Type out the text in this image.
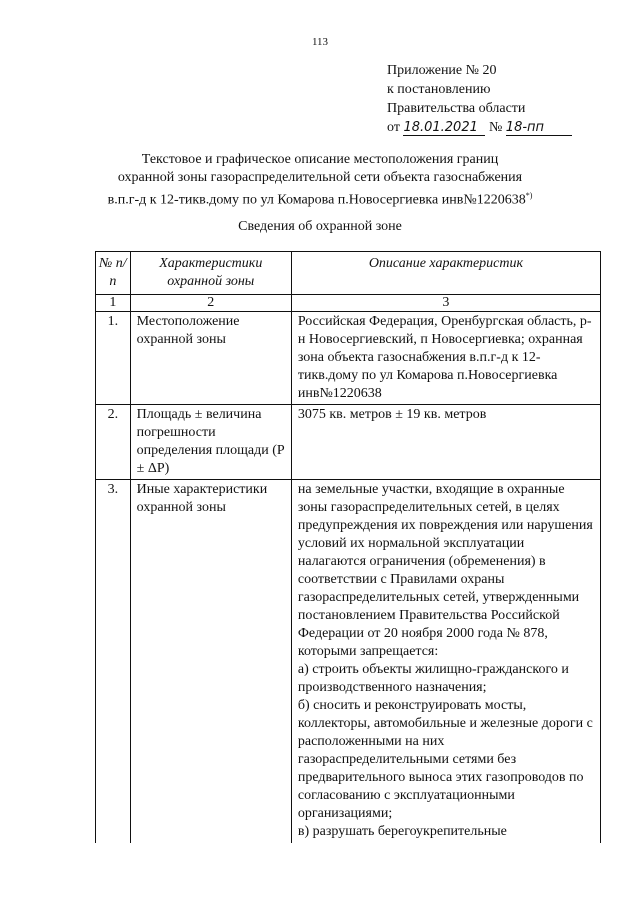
113
Приложение № 20
к постановлению
Правительства области
от 18.01.2021 № 18-пп
Текстовое и графическое описание местоположения границ
охранной зоны газораспределительной сети объекта газоснабжения
в.п.г-д к 12-тикв.дому по ул Комарова п.Новосергиевка инв№1220638*)
Сведения об охранной зоне
№ п/п	Характеристики охранной зоны	Описание характеристик
1	2	3
1.	Местоположение охранной зоны	Российская Федерация, Оренбургская область, р-н Новосергиевский, п Новосергиевка; охранная зона объекта газоснабжения в.п.г-д к 12-тикв.дому по ул Комарова п.Новосергиевка инв№1220638
2.	Площадь ± величина погрешности определения площади (Р ± ΔР)	3075 кв. метров ± 19 кв. метров
3.	Иные характеристики охранной зоны	на земельные участки, входящие в охранные зоны газораспределительных сетей, в целях предупреждения их повреждения или нарушения условий их нормальной эксплуатации налагаются ограничения (обременения) в соответствии с Правилами охраны газораспределительных сетей, утвержденными постановлением Правительства Российской Федерации от 20 ноября 2000 года № 878, которыми запрещается:
а) строить объекты жилищно-гражданского и производственного назначения;
б) сносить и реконструировать мосты, коллекторы, автомобильные и железные дороги с расположенными на них газораспределительными сетями без предварительного выноса этих газопроводов по согласованию с эксплуатационными организациями;
в) разрушать берегоукрепительные
